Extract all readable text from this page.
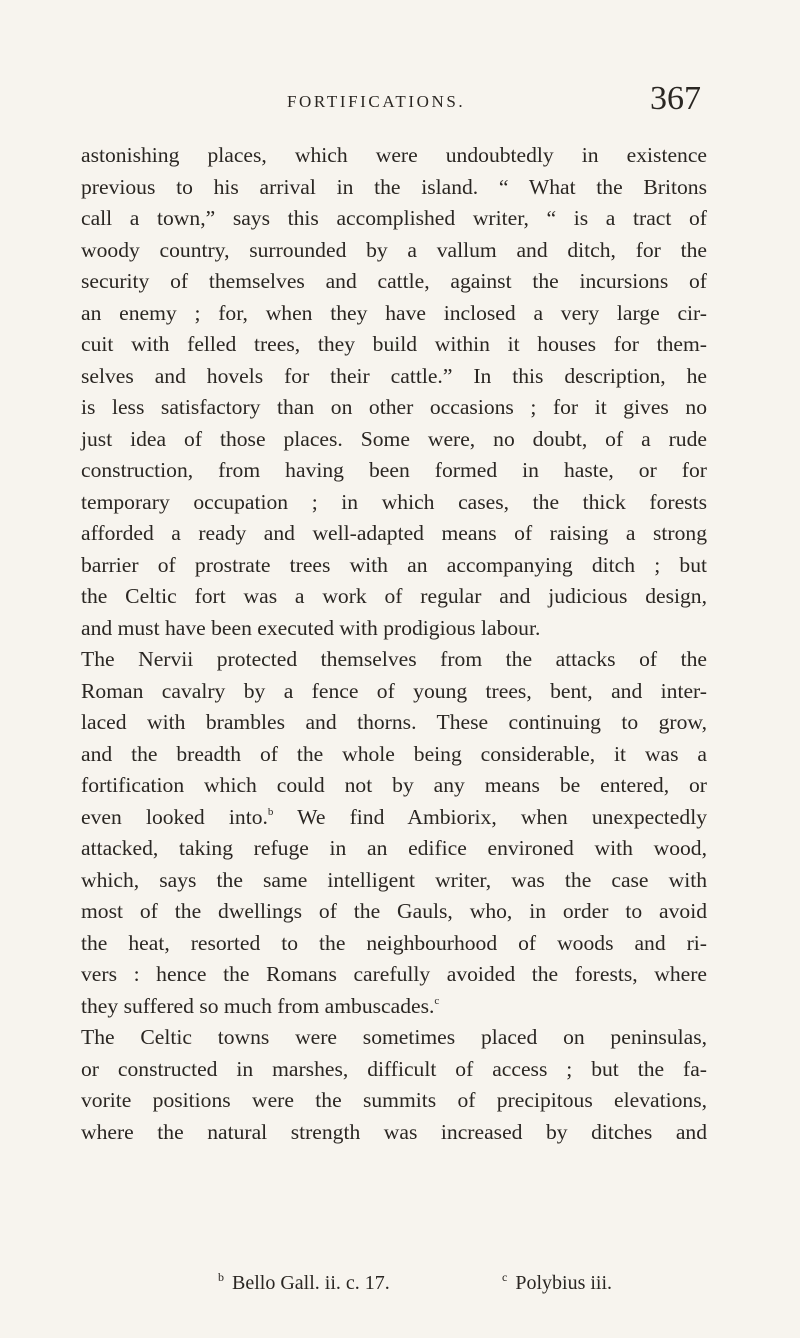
FORTIFICATIONS.	367
astonishing places, which were undoubtedly in existence
previous to his arrival in the island. “ What the Britons
call a town,” says this accomplished writer, “ is a tract of
woody country, surrounded by a vallum and ditch, for the
security of themselves and cattle, against the incursions of
an enemy ; for, when they have inclosed a very large cir-
cuit with felled trees, they build within it houses for them-
selves and hovels for their cattle.” In this description, he
is less satisfactory than on other occasions ; for it gives no
just idea of those places. Some were, no doubt, of a rude
construction, from having been formed in haste, or for
temporary occupation ; in which cases, the thick forests
afforded a ready and well-adapted means of raising a strong
barrier of prostrate trees with an accompanying ditch ; but
the Celtic fort was a work of regular and judicious design,
and must have been executed with prodigious labour.
The Nervii protected themselves from the attacks of the
Roman cavalry by a fence of young trees, bent, and inter-
laced with brambles and thorns. These continuing to grow,
and the breadth of the whole being considerable, it was a
fortification which could not by any means be entered, or
even looked into.$^b$ We find Ambiorix, when unexpectedly
attacked, taking refuge in an edifice environed with wood,
which, says the same intelligent writer, was the case with
most of the dwellings of the Gauls, who, in order to avoid
the heat, resorted to the neighbourhood of woods and ri-
vers : hence the Romans carefully avoided the forests, where
they suffered so much from ambuscades.$^c$
The Celtic towns were sometimes placed on peninsulas,
or constructed in marshes, difficult of access ; but the fa-
vorite positions were the summits of precipitous elevations,
where the natural strength was increased by ditches and
$^b$ Bello Gall. ii. c. 17.	$^c$ Polybius iii.
